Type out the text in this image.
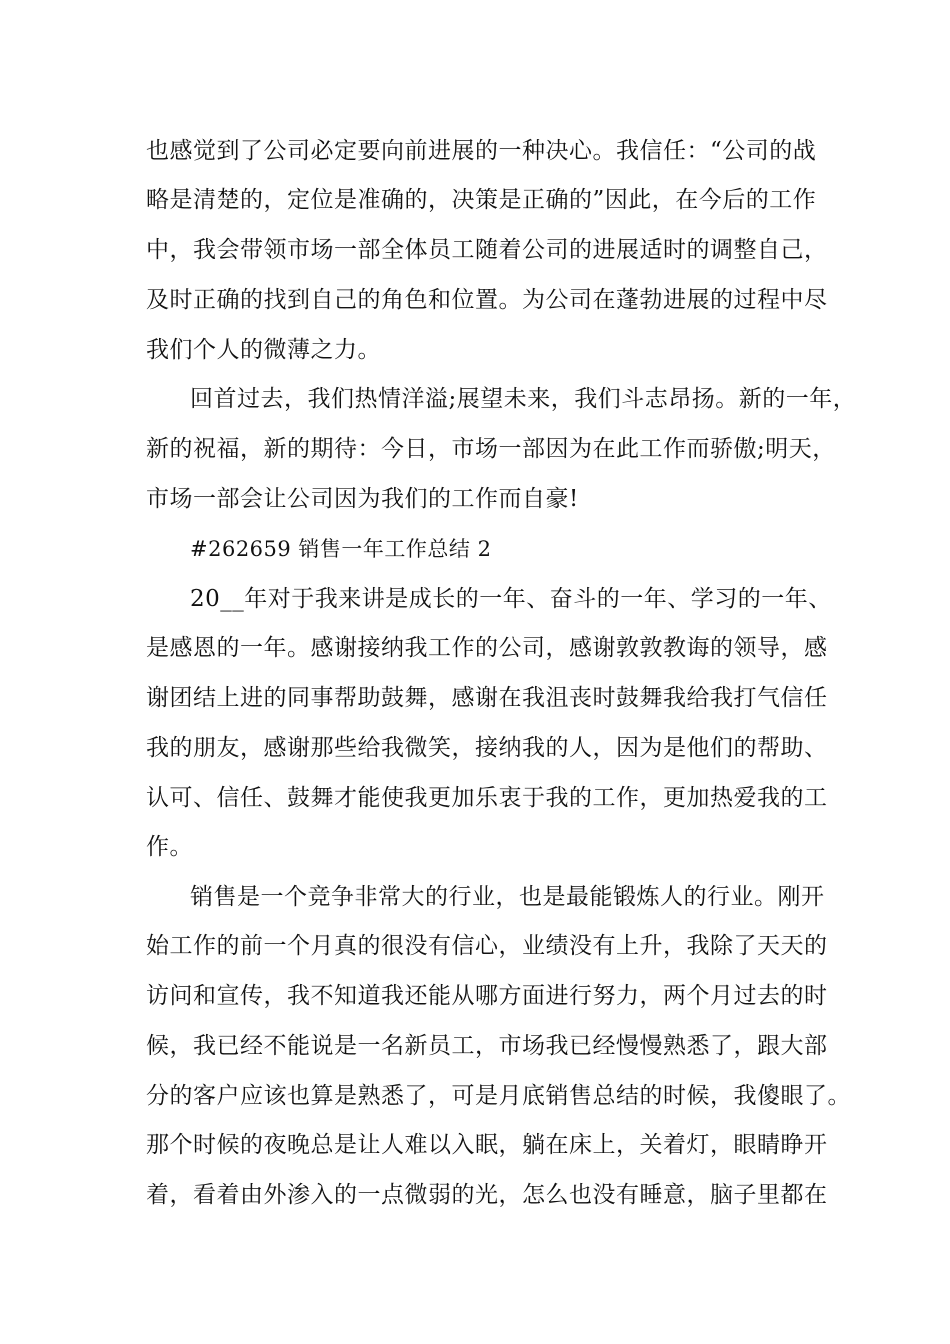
也感觉到了公司必定要向前进展的一种决心。我信任：“公司的战
略是清楚的，定位是准确的，决策是正确的”因此，在今后的工作
中，我会带领市场一部全体员工随着公司的进展适时的调整自己，
及时正确的找到自己的角色和位置。为公司在蓬勃进展的过程中尽
我们个人的微薄之力。
回首过去，我们热情洋溢;展望未来，我们斗志昂扬。新的一年，
新的祝福，新的期待：今日，市场一部因为在此工作而骄傲;明天，
市场一部会让公司因为我们的工作而自豪!
#262659 销售一年工作总结 2
20__年对于我来讲是成长的一年、奋斗的一年、学习的一年、
是感恩的一年。感谢接纳我工作的公司，感谢敦敦教诲的领导，感
谢团结上进的同事帮助鼓舞，感谢在我沮丧时鼓舞我给我打气信任
我的朋友，感谢那些给我微笑，接纳我的人，因为是他们的帮助、
认可、信任、鼓舞才能使我更加乐衷于我的工作，更加热爱我的工
作。
销售是一个竞争非常大的行业，也是最能锻炼人的行业。刚开
始工作的前一个月真的很没有信心，业绩没有上升，我除了天天的
访问和宣传，我不知道我还能从哪方面进行努力，两个月过去的时
候，我已经不能说是一名新员工，市场我已经慢慢熟悉了，跟大部
分的客户应该也算是熟悉了，可是月底销售总结的时候，我傻眼了。
那个时候的夜晚总是让人难以入眠，躺在床上，关着灯，眼睛睁开
着，看着由外渗入的一点微弱的光，怎么也没有睡意，脑子里都在
